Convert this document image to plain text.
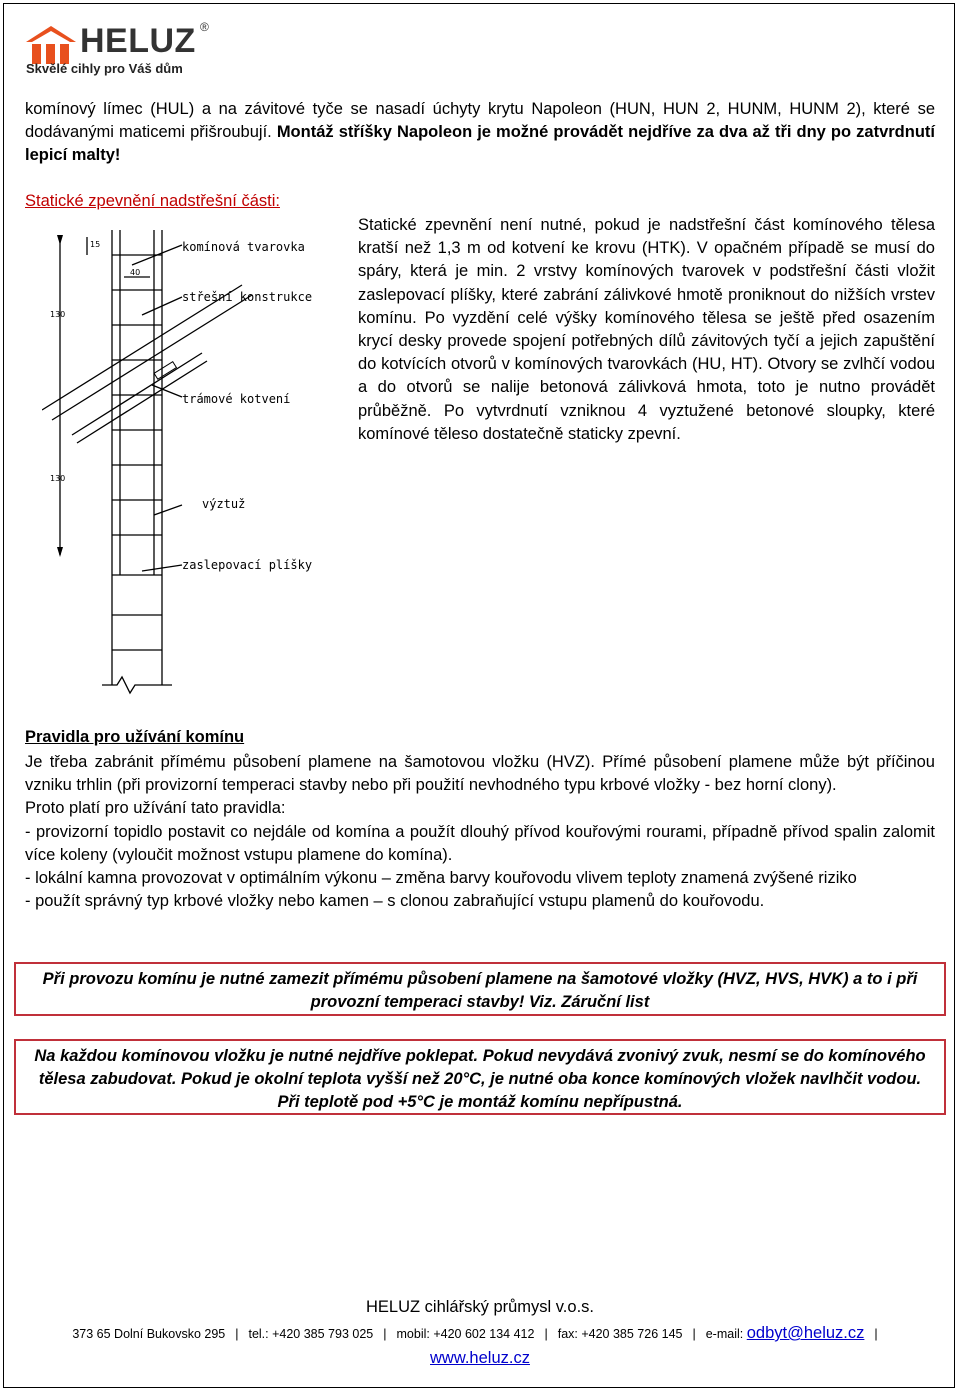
HELUZ ®
Skvělé cihly pro Váš dům
komínový límec (HUL) a na závitové tyče se nasadí úchyty krytu Napoleon (HUN, HUN 2, HUNM, HUNM 2), které se dodávanými maticemi přišroubují. Montáž stříšky Napoleon je možné provádět nejdříve za dva až tři dny po zatvrdnutí lepicí malty!
Statické zpevnění nadstřešní části:
Statické zpevnění není nutné, pokud je nadstřešní část komínového tělesa kratší než 1,3 m od kotvení ke krovu (HTK). V opačném případě se musí do spáry, která je min. 2 vrstvy komínových tvarovek v podstřešní části vložit zaslepovací plíšky, které zabrání zálivkové hmotě proniknout do nižších vrstev komínu. Po vyzdění celé výšky komínového tělesa se ještě před osazením krycí desky provede spojení potřebných dílů závitových tyčí a jejich zapuštění do kotvících otvorů v komínových tvarovkách (HU, HT). Otvory se zvlhčí vodou a do otvorů se nalije betonová zálivková hmota, toto je nutno provádět průběžně. Po vytvrdnutí vzniknou 4 vyztužené betonové sloupky, které komínové těleso dostatečně staticky zpevní.
komínová tvarovka
střešní konstrukce
trámové kotvení
výztuž
zaslepovací plíšky
130
130
40
15
Pravidla pro užívání komínu
Je třeba zabránit přímému působení plamene na šamotovou vložku (HVZ). Přímé působení plamene může být příčinou vzniku trhlin (při provizorní temperaci stavby nebo při použití nevhodného typu krbové vložky - bez horní clony).
Proto platí pro užívání tato pravidla:
- provizorní topidlo postavit co nejdále od komína a použít dlouhý přívod kouřovými rourami, případně přívod spalin zalomit více koleny (vyloučit možnost vstupu plamene do komína).
- lokální kamna provozovat v optimálním výkonu – změna barvy kouřovodu vlivem teploty znamená zvýšené riziko
- použít správný typ krbové vložky nebo kamen – s clonou zabraňující vstupu plamenů do kouřovodu.
Při provozu komínu je nutné zamezit přímému působení plamene na šamotové vložky (HVZ, HVS, HVK) a to i při provozní temperaci stavby! Viz. Záruční list
Na každou komínovou vložku je nutné nejdříve poklepat. Pokud nevydává zvonivý zvuk, nesmí se do komínového tělesa zabudovat. Pokud je okolní teplota vyšší než 20°C, je nutné oba konce komínových vložek navlhčit vodou. Při teplotě pod +5°C je montáž komínu nepřípustná.
HELUZ cihlářský průmysl v.o.s.
373 65 Dolní Bukovsko 295 | tel.: +420 385 793 025 | mobil: +420 602 134 412 | fax: +420 385 726 145 | e-mail: odbyt@heluz.cz |
www.heluz.cz
